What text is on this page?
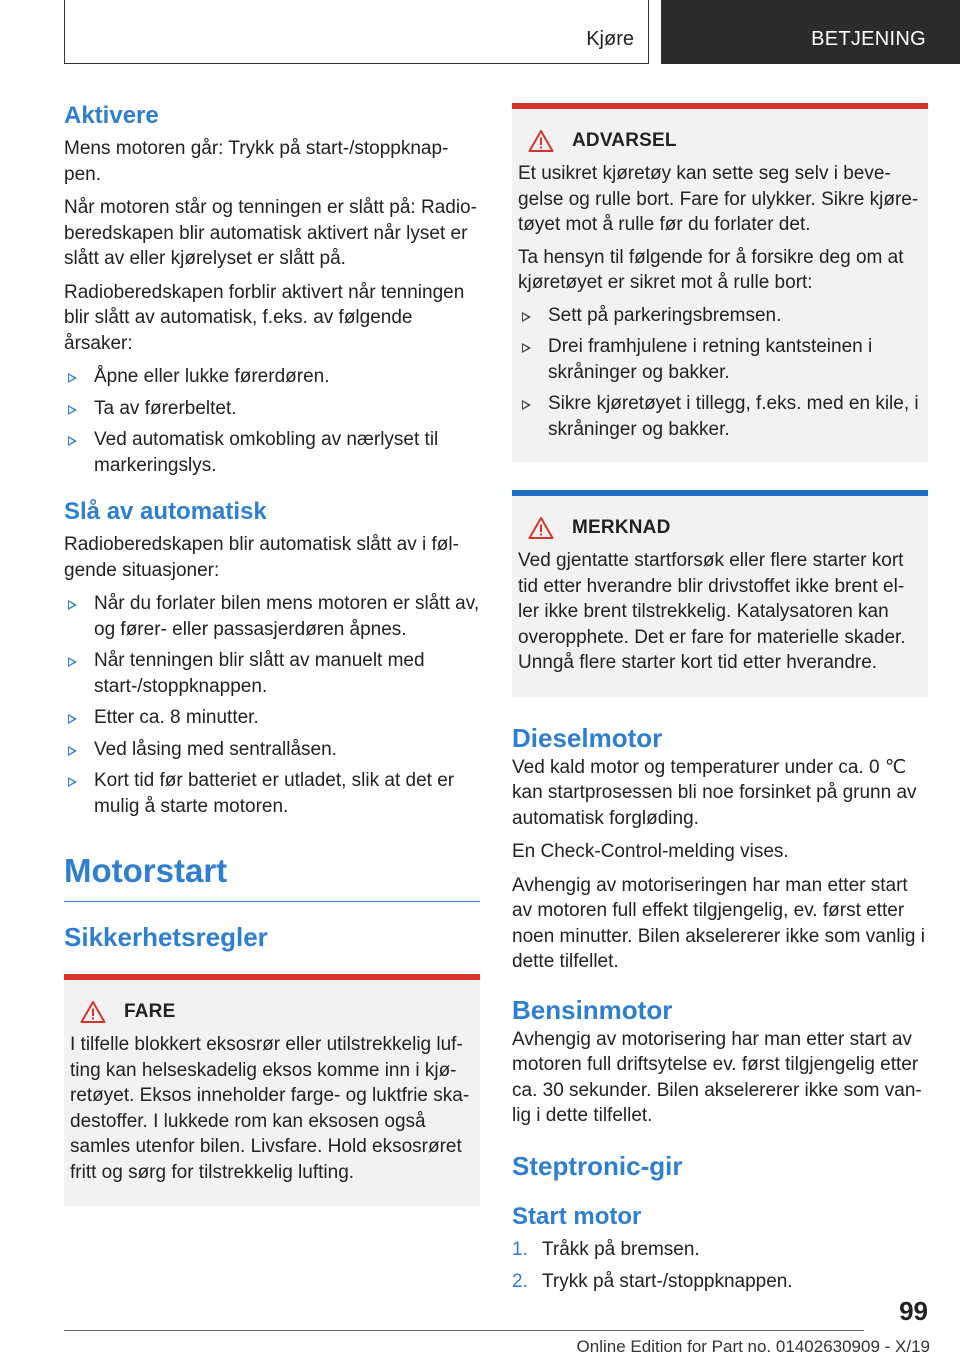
Kjøre	BETJENING
Aktivere

Mens motoren går: Trykk på start-/stoppknap-pen.

Når motoren står og tenningen er slått på: Radio-beredskapen blir automatisk aktivert når lyset er slått av eller kjørelyset er slått på.

Radioberedskapen forblir aktivert når tenningen blir slått av automatisk, f.eks. av følgende årsaker:

Åpne eller lukke førerdøren.
Ta av førerbeltet.
Ved automatisk omkobling av nærlyset til markeringslys.
Slå av automatisk

Radioberedskapen blir automatisk slått av i føl-gende situasjoner:

Når du forlater bilen mens motoren er slått av, og fører- eller passasjerdøren åpnes.
Når tenningen blir slått av manuelt med start-/stoppknappen.
Etter ca. 8 minutter.
Ved låsing med sentrallåsen.
Kort tid før batteriet er utladet, slik at det er mulig å starte motoren.
Motorstart
Sikkerhetsregler
FARE

I tilfelle blokkert eksosrør eller utilstrekkelig luf-ting kan helseskadelig eksos komme inn i kjø-retøyet. Eksos inneholder farge- og luktfrie ska-destoffer. I lukkede rom kan eksosen også samles utenfor bilen. Livsfare. Hold eksosrøret fritt og sørg for tilstrekkelig lufting.

ADVARSEL

Et usikret kjøretøy kan sette seg selv i beve-gelse og rulle bort. Fare for ulykker. Sikre kjøre-tøyet mot å rulle før du forlater det.

Ta hensyn til følgende for å forsikre deg om at kjøretøyet er sikret mot å rulle bort:

Sett på parkeringsbremsen.
Drei framhjulene i retning kantsteinen i skråninger og bakker.
Sikre kjøretøyet i tillegg, f.eks. med en kile, i skråninger og bakker.
MERKNAD

Ved gjentatte startforsøk eller flere starter kort tid etter hverandre blir drivstoffet ikke brent el-ler ikke brent tilstrekkelig. Katalysatoren kan overopphete. Det er fare for materielle skader. Unngå flere starter kort tid etter hverandre.

Dieselmotor

Ved kald motor og temperaturer under ca. 0 ℃ kan startprosessen bli noe forsinket på grunn av automatisk forgløding.

En Check-Control-melding vises.

Avhengig av motoriseringen har man etter start av motoren full effekt tilgjengelig, ev. først etter noen minutter. Bilen akselererer ikke som vanlig i dette tilfellet.

Bensinmotor

Avhengig av motorisering har man etter start av motoren full driftsytelse ev. først tilgjengelig etter ca. 30 sekunder. Bilen akselererer ikke som van-lig i dette tilfellet.

Steptronic-gir
Start motor
1. Tråkk på bremsen.
2. Trykk på start-/stoppknappen.
99
Online Edition for Part no. 01402630909 - X/19
